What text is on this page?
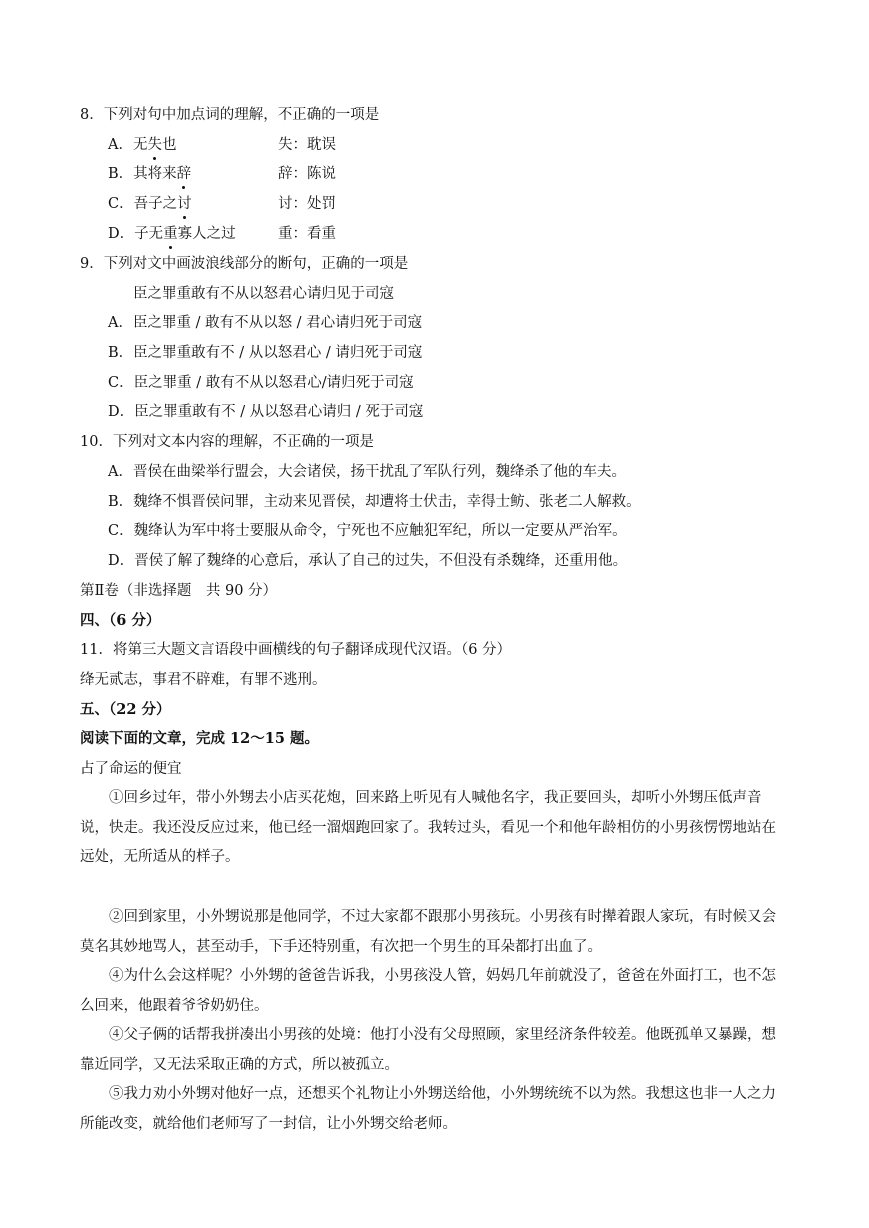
8．下列对句中加点词的理解，不正确的一项是
A．无失也	失：耽误
B．其将来辞	辞：陈说
C．吾子之讨	讨：处罚
D．子无重寡人之过	重：看重
9．下列对文中画波浪线部分的断句，正确的一项是
臣之罪重敢有不从以怒君心请归见于司寇
A．臣之罪重 / 敢有不从以怒 / 君心请归死于司寇
B．臣之罪重敢有不 / 从以怒君心 / 请归死于司寇
C．臣之罪重 / 敢有不从以怒君心/请归死于司寇
D．臣之罪重敢有不 / 从以怒君心请归 / 死于司寇
10．下列对文本内容的理解，不正确的一项是
A．晋侯在曲梁举行盟会，大会诸侯，扬干扰乱了军队行列，魏绛杀了他的车夫。
B．魏绛不惧晋侯问罪，主动来见晋侯，却遭将士伏击，幸得士鲂、张老二人解救。
C．魏绛认为军中将士要服从命令，宁死也不应触犯军纪，所以一定要从严治军。
D．晋侯了解了魏绛的心意后，承认了自己的过失，不但没有杀魏绛，还重用他。
第Ⅱ卷（非选择题　共 90 分）
四、（6 分）
11．将第三大题文言语段中画横线的句子翻译成现代汉语。（6 分）
绛无贰志，事君不辟难，有罪不逃刑。
五、（22 分）
阅读下面的文章，完成 12～15 题。
占了命运的便宜
①回乡过年，带小外甥去小店买花炮，回来路上听见有人喊他名字，我正要回头，却听小外甥压低声音说，快走。我还没反应过来，他已经一溜烟跑回家了。我转过头，看见一个和他年龄相仿的小男孩愣愣地站在远处，无所适从的样子。
②回到家里，小外甥说那是他同学，不过大家都不跟那小男孩玩。小男孩有时撵着跟人家玩，有时候又会莫名其妙地骂人，甚至动手，下手还特别重，有次把一个男生的耳朵都打出血了。
④为什么会这样呢？小外甥的爸爸告诉我，小男孩没人管，妈妈几年前就没了，爸爸在外面打工，也不怎么回来，他跟着爷爷奶奶住。
④父子俩的话帮我拼凑出小男孩的处境：他打小没有父母照顾，家里经济条件较差。他既孤单又暴躁，想靠近同学，又无法采取正确的方式，所以被孤立。
⑤我力劝小外甥对他好一点，还想买个礼物让小外甥送给他，小外甥统统不以为然。我想这也非一人之力所能改变，就给他们老师写了一封信，让小外甥交给老师。
